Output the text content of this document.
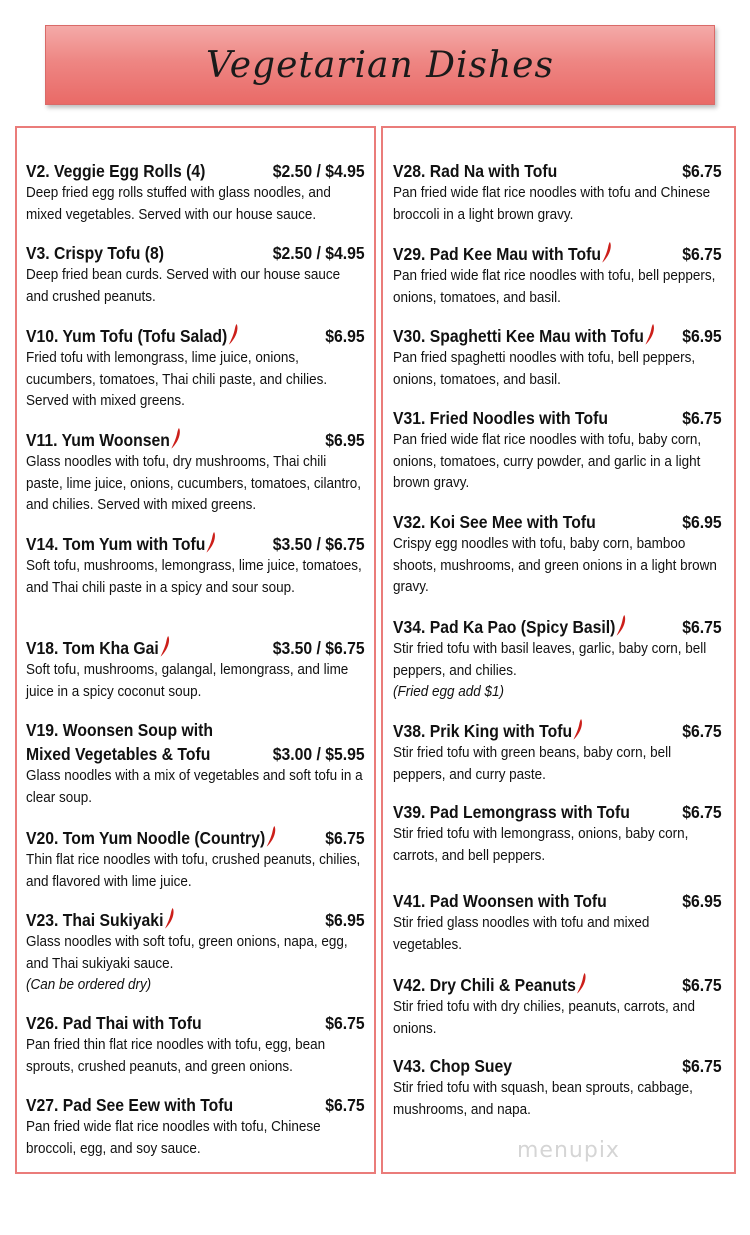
Vegetarian Dishes
V2. Veggie Egg Rolls (4)	$2.50 / $4.95
Deep fried egg rolls stuffed with glass noodles, and mixed vegetables. Served with our house sauce.
V3. Crispy Tofu (8)	$2.50 / $4.95
Deep fried bean curds. Served with our house sauce and crushed peanuts.
V10. Yum Tofu (Tofu Salad)	$6.95
Fried tofu with lemongrass, lime juice, onions, cucumbers, tomatoes, Thai chili paste, and chilies. Served with mixed greens.
V11. Yum Woonsen	$6.95
Glass noodles with tofu, dry mushrooms, Thai chili paste, lime juice, onions, cucumbers, tomatoes, cilantro, and chilies. Served with mixed greens.
V14. Tom Yum with Tofu	$3.50 / $6.75
Soft tofu, mushrooms, lemongrass, lime juice, tomatoes, and Thai chili paste in a spicy and sour soup.
V18. Tom Kha Gai	$3.50 / $6.75
Soft tofu, mushrooms, galangal, lemongrass, and lime juice in a spicy coconut soup.
V19. Woonsen Soup with Mixed Vegetables & Tofu	$3.00 / $5.95
Glass noodles with a mix of vegetables and soft tofu in a clear soup.
V20. Tom Yum Noodle (Country)	$6.75
Thin flat rice noodles with tofu, crushed peanuts, chilies, and flavored with lime juice.
V23. Thai Sukiyaki	$6.95
Glass noodles with soft tofu, green onions, napa, egg, and Thai sukiyaki sauce.
(Can be ordered dry)
V26. Pad Thai with Tofu	$6.75
Pan fried thin flat rice noodles with tofu, egg, bean sprouts, crushed peanuts, and green onions.
V27. Pad See Eew with Tofu	$6.75
Pan fried wide flat rice noodles with tofu, Chinese broccoli, egg, and soy sauce.
V28. Rad Na with Tofu	$6.75
Pan fried wide flat rice noodles with tofu and Chinese broccoli in a light brown gravy.
V29. Pad Kee Mau with Tofu	$6.75
Pan fried wide flat rice noodles with tofu, bell peppers, onions, tomatoes, and basil.
V30. Spaghetti Kee Mau with Tofu	$6.95
Pan fried spaghetti noodles with tofu, bell peppers, onions, tomatoes, and basil.
V31. Fried Noodles with Tofu	$6.75
Pan fried wide flat rice noodles with tofu, baby corn, onions, tomatoes, curry powder, and garlic in a light brown gravy.
V32. Koi See Mee with Tofu	$6.95
Crispy egg noodles with tofu, baby corn, bamboo shoots, mushrooms, and green onions in a light brown gravy.
V34. Pad Ka Pao (Spicy Basil)	$6.75
Stir fried tofu with basil leaves, garlic, baby corn, bell peppers, and chilies.
(Fried egg add $1)
V38. Prik King with Tofu	$6.75
Stir fried tofu with green beans, baby corn, bell peppers, and curry paste.
V39. Pad Lemongrass with Tofu	$6.75
Stir fried tofu with lemongrass, onions, baby corn, carrots, and bell peppers.
V41. Pad Woonsen with Tofu	$6.95
Stir fried glass noodles with tofu and mixed vegetables.
V42. Dry Chili & Peanuts	$6.75
Stir fried tofu with dry chilies, peanuts, carrots, and onions.
V43. Chop Suey	$6.75
Stir fried tofu with squash, bean sprouts, cabbage, mushrooms, and napa.
menupix
